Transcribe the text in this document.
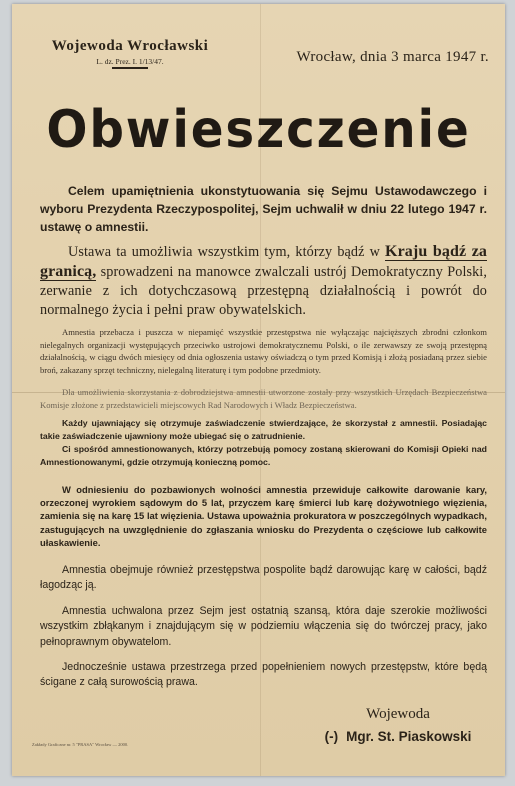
Wojewoda Wrocławski
L. dz. Prez. I. 1/13/47.	Wrocław, dnia 3 marca 1947 r.
Obwieszczenie

Celem upamiętnienia ukonstytuowania się Sejmu Ustawodawczego i wyboru Prezydenta Rzeczypospolitej, Sejm uchwalił w dniu 22 lutego 1947 r. ustawę o amnestii.

Ustawa ta umożliwia wszystkim tym, którzy bądź w Kraju bądź za granicą, sprowadzeni na manowce zwalczali ustrój Demokratyczny Polski, zerwanie z ich dotychczasową przestępną działalnością i powrót do normalnego życia i pełni praw obywatelskich.

Amnestia przebacza i puszcza w niepamięć wszystkie przestępstwa nie wyłączając najcięższych zbrodni członkom nielegalnych organizacji występujących przeciwko ustrojowi demokratycznemu Polski, o ile zerwawszy ze swoją przestępną działalnością, w ciągu dwóch miesięcy od dnia ogłoszenia ustawy oświadczą o tym przed Komisją i złożą posiadaną przez siebie broń, zakazany sprzęt techniczny, nielegalną literaturę i tym podobne przedmioty.

Dla umożliwienia skorzystania z dobrodziejstwa amnestii utworzone zostały przy wszystkich Urzędach Bezpieczeństwa Komisje złożone z przedstawicieli miejscowych Rad Narodowych i Władz Bezpieczeństwa.

Każdy ujawniający się otrzymuje zaświadczenie stwierdzające, że skorzystał z amnestii. Posiadając takie zaświadczenie ujawniony może ubiegać się o zatrudnienie.

Ci spośród amnestionowanych, którzy potrzebują pomocy zostaną skierowani do Komisji Opieki nad Amnestionowanymi, gdzie otrzymują konieczną pomoc.

W odniesieniu do pozbawionych wolności amnestia przewiduje całkowite darowanie kary, orzeczonej wyrokiem sądowym do 5 lat, przyczem karę śmierci lub karę dożywotniego więzienia, zamienia się na karę 15 lat więzienia. Ustawa upoważnia prokuratora w poszczególnych wypadkach, zastugujących na uwzględnienie do zgłaszania wniosku do Prezydenta o częściowe lub całkowite ułaskawienie.

Amnestia obejmuje również przestępstwa pospolite bądź darowując karę w całości, bądź łagodząc ją.

Amnestia uchwalona przez Sejm jest ostatnią szansą, która daje szerokie możliwości wszystkim zbłąkanym i znajdującym się w podziemiu włączenia się do twórczej pracy, jako pełnoprawnym obywatelom.

Jednocześnie ustawa przestrzega przed popełnieniem nowych przestępstw, które będą ścigane z całą surowością prawa.

Wojewoda
(-) Mgr. St. Piaskowski
Zakłady Graficzne nr. 5 "PRASA" Wrocław — 2000.
